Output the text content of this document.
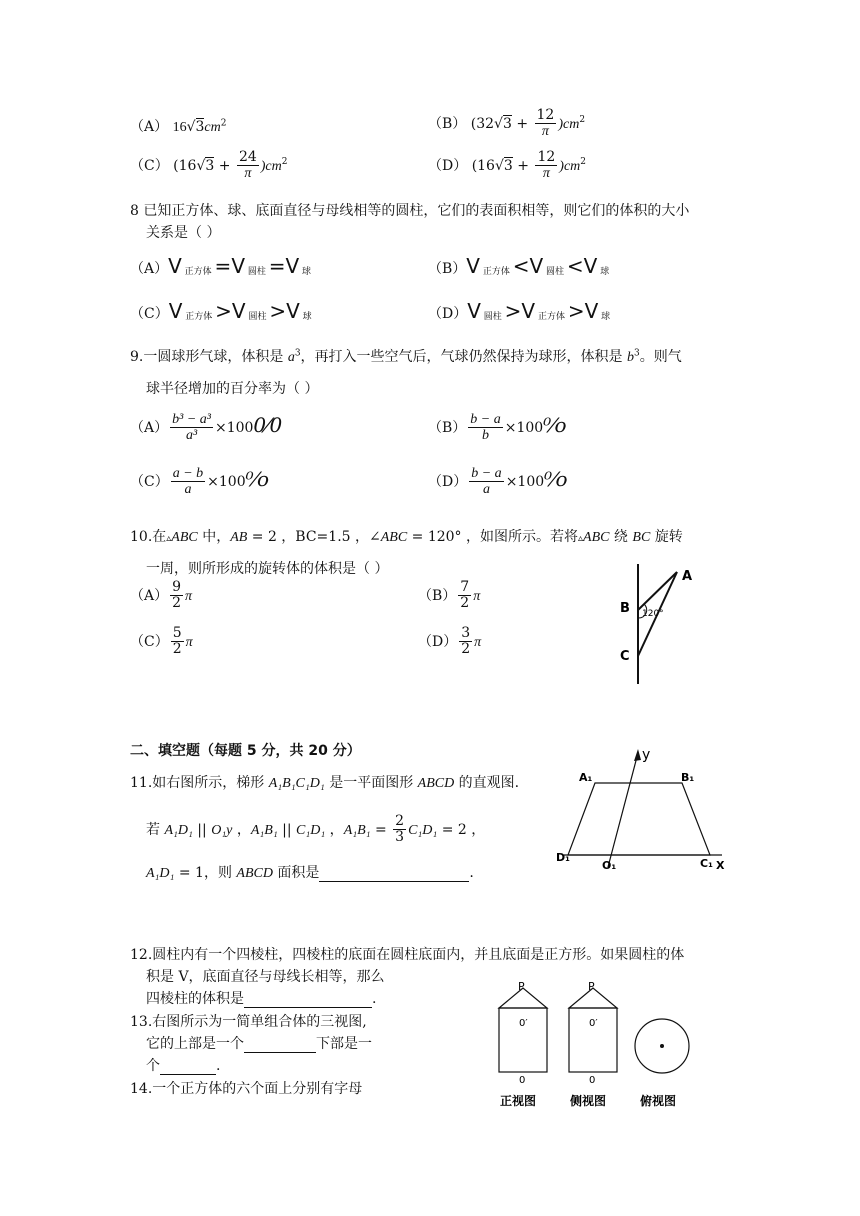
（A） $16√3cm^2$	（B） $(32√3 + \frac{12}{\pi} )cm^2$
（C） $(16√3 + \frac{24}{\pi} )cm^2$	（D） $(16√3 + \frac{12}{\pi} )cm^2$
8 已知正方体、球、底面直径与母线相等的圆柱，它们的表面积相等，则它们的体积的大小
关系是（ ）
（A）V 正方体 =V 圆柱 =V 球	（B）V 正方体 <V 圆柱 <V 球
（C）V 正方体 >V 圆柱 >V 球	（D）V 圆柱 >V 正方体 >V 球
9.一圆球形气球，体积是 $a^3$，再打入一些空气后，气球仍然保持为球形，体积是 $b^3$。则气
球半径增加的百分率为（ ）
$(A) \frac{\text{b³ − a³}}{\text{a³}}$ ×1000⁄0	$(B) \frac{b - a}{b}$ ×100⁰⁄o
$(C) \frac{a - b}{a}$ ×100⁰⁄o	$(D) \frac{b - a}{a}$ ×100⁰⁄o
10.在▵ABC 中，AB = 2 ，BC=1.5 ，∠ABC = 120° ，如图所示。若将▵ABC 绕 BC 旋转
一周，则所形成的旋转体的体积是（ ）
$(A) \frac{9}{2}$ π	$(B) \frac{7}{2}$ π
$(C) \frac{5}{2}$ π	$(D) \frac{3}{2}$ π
A
B
C
120°
二、填空题（每题 5 分，共 20 分）
11.如右图所示，梯形 A₁B₁C₁D₁ 是一平面图形 ABCD 的直观图.
若 A₁D₁ || O₁y ，A₁B₁ || C₁D₁ ，$A_1B_1 = \frac{2}{3} C_1D_1 = 2$ ，
A₁D₁ = 1，则 ABCD 面积是	.
A₁	B₁
D₁
O₁	C₁ X
y
12.圆柱内有一个四棱柱，四棱柱的底面在圆柱底面内，并且底面是正方形。如果圆柱的体
积是 V，底面直径与母线长相等，那么
四棱柱的体积是	.
13.右图所示为一简单组合体的三视图,
它的上部是一个	下部是一
个	.
14.一个正方体的六个面上分别有字母
P
0′
0
正视图
P
0′
0
侧视图	俯视图
